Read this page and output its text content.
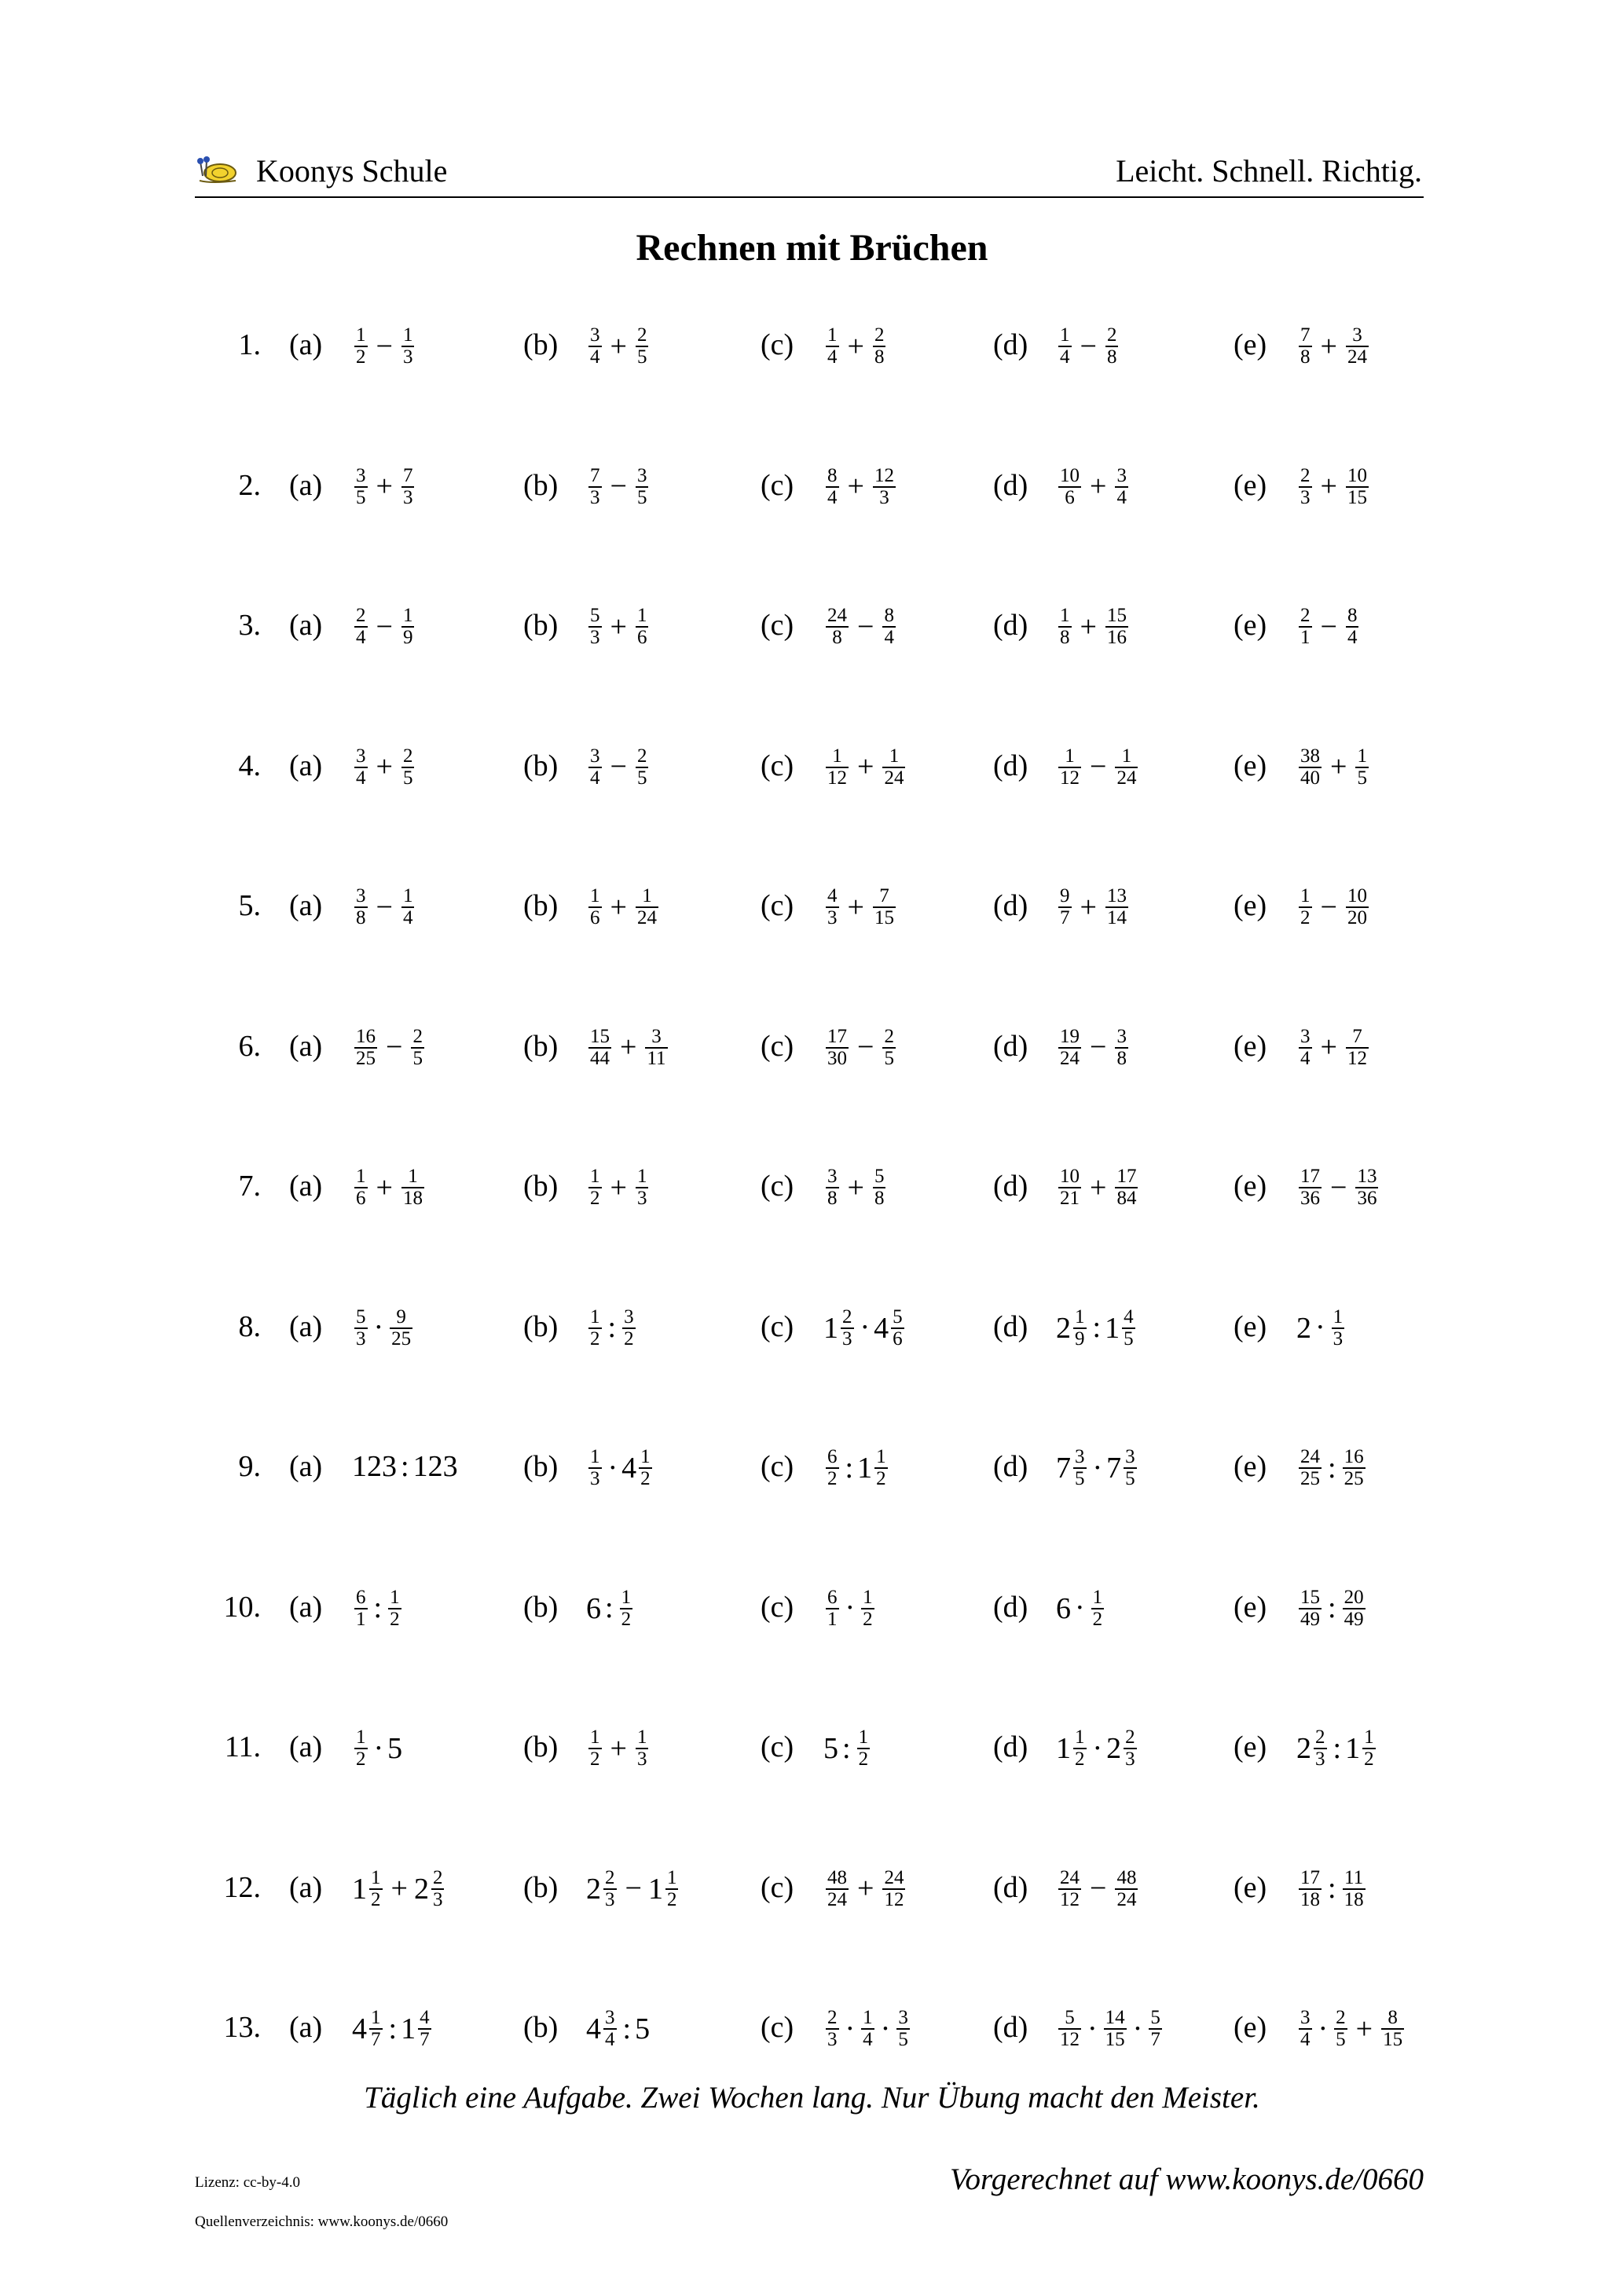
Koonys Schule	Leicht. Schnell. Richtig.
Rechnen mit Brüchen
1. $(a) \frac{1}{2} - \frac{1}{3}$	$(b) \frac{3}{4} + \frac{2}{5}$	$(c) \frac{1}{4} + \frac{2}{8}$	$(d) \frac{1}{4} - \frac{2}{8}$	$(e) \frac{7}{8} + \frac{3}{24}$
2. $(a) \frac{3}{5} + \frac{7}{3}$	$(b) \frac{7}{3} - \frac{3}{5}$	$(c) \frac{8}{4} + \frac{12}{3}$	$(d) \frac{10}{6} + \frac{3}{4}$	$(e) \frac{2}{3} + \frac{10}{15}$
3. $(a) \frac{2}{4} - \frac{1}{9}$	$(b) \frac{5}{3} + \frac{1}{6}$	$(c) \frac{24}{8} - \frac{8}{4}$	$(d) \frac{1}{8} + \frac{15}{16}$	$(e) \frac{2}{1} - \frac{8}{4}$
4. $(a) \frac{3}{4} + \frac{2}{5}$	$(b) \frac{3}{4} - \frac{2}{5}$	$(c) \frac{1}{12} + \frac{1}{24}$	$(d) \frac{1}{12} - \frac{1}{24}$	$(e) \frac{38}{40} + \frac{1}{5}$
5. $(a) \frac{3}{8} - \frac{1}{4}$	$(b) \frac{1}{6} + \frac{1}{24}$	$(c) \frac{4}{3} + \frac{7}{15}$	$(d) \frac{9}{7} + \frac{13}{14}$	$(e) \frac{1}{2} - \frac{10}{20}$
6. $(a) \frac{16}{25} - \frac{2}{5}$	$(b) \frac{15}{44} + \frac{3}{11}$	$(c) \frac{17}{30} - \frac{2}{5}$	$(d) \frac{19}{24} - \frac{3}{8}$	$(e) \frac{3}{4} + \frac{7}{12}$
7. $(a) \frac{1}{6} + \frac{1}{18}$	$(b) \frac{1}{2} + \frac{1}{3}$	$(c) \frac{3}{8} + \frac{5}{8}$	$(d) \frac{10}{21} + \frac{17}{84}$	$(e) \frac{17}{36} - \frac{13}{36}$
8. $(a) \frac{5}{3} \cdot \frac{9}{25}$	$(b) \frac{1}{2}$ : $\frac{3}{2}$	(c) $1 \frac{2}{3} \cdot 4 \frac{5}{6}$	(d) $2 \frac{1}{9}$ : $1 \frac{4}{5}$	(e) $2 \cdot \frac{1}{3}$
9. (a) 123 : 123 $(b) \frac{1}{3} \cdot 4 \frac{1}{2}$	$(c) \frac{6}{2}$ : $1 \frac{1}{2}$	(d) $7 \frac{3}{5} \cdot 7 \frac{3}{5}$	$(e) \frac{24}{25}$ : $\frac{16}{25}$
10. $(a) \frac{6}{1}$ : $\frac{1}{2}$	(b) 6 : $\frac{1}{2}$	$(c) \frac{6}{1} \cdot \frac{1}{2}$	(d) $6 \cdot \frac{1}{2}$	$(e) \frac{15}{49}$ : $\frac{20}{49}$
11. $(a) \frac{1}{2} \cdot 5$	$(b) \frac{1}{2} + \frac{1}{3}$	(c) 5 : $\frac{1}{2}$	(d) $1 \frac{1}{2} \cdot 2 \frac{2}{3}$	(e) $2 \frac{2}{3}$ : $1 \frac{1}{2}$
12. (a) $1 \frac{1}{2} + 2 \frac{2}{3}$	(b) $2 \frac{2}{3} - 1 \frac{1}{2}$	$(c) \frac{48}{24} + \frac{24}{12}$	$(d) \frac{24}{12} - \frac{48}{24}$	$(e) \frac{17}{18}$ : $\frac{11}{18}$
13. (a) $4 \frac{1}{7}$ : $1 \frac{4}{7}$	(b) $4 \frac{3}{4}$ : 5	$(c) \frac{2}{3} \cdot \frac{1}{4} \cdot \frac{3}{5}$	$(d) \frac{5}{12} \cdot \frac{14}{15} \cdot \frac{5}{7} (e) \frac{3}{4} \cdot \frac{2}{5} + \frac{8}{15}$
Täglich eine Aufgabe. Zwei Wochen lang. Nur Übung macht den Meister.
Lizenz: cc-by-4.0
Quellenverzeichnis: www.koonys.de/0660
Vorgerechnet auf www.koonys.de/0660
